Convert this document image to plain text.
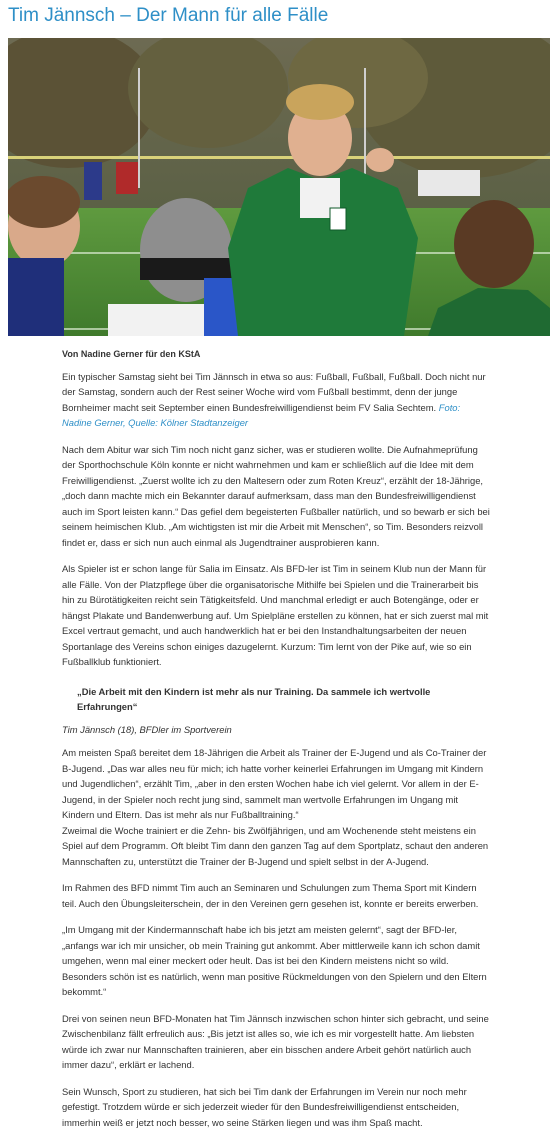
Tim Jännsch – Der Mann für alle Fälle

Von Nadine Gerner für den KStA

Ein typischer Samstag sieht bei Tim Jännsch in etwa so aus: Fußball, Fußball, Fußball. Doch nicht nur der Samstag, sondern auch der Rest seiner Woche wird vom Fußball bestimmt, denn der junge Bornheimer macht seit September einen Bundesfreiwilligendienst beim FV Salia Sechtem. Foto: Nadine Gerner, Quelle: Kölner Stadtanzeiger

Nach dem Abitur war sich Tim noch nicht ganz sicher, was er studieren wollte. Die Aufnahmeprüfung der Sporthochschule Köln konnte er nicht wahrnehmen und kam er schließlich auf die Idee mit dem Freiwilligendienst. „Zuerst wollte ich zu den Maltesern oder zum Roten Kreuz“, erzählt der 18-Jährige, „doch dann machte mich ein Bekannter darauf aufmerksam, dass man den Bundesfreiwilligendienst auch im Sport leisten kann.“ Das gefiel dem begeisterten Fußballer natürlich, und so bewarb er sich bei seinem heimischen Klub. „Am wichtigsten ist mir die Arbeit mit Menschen“, so Tim. Besonders reizvoll findet er, dass er sich nun auch einmal als Jugendtrainer ausprobieren kann.

Als Spieler ist er schon lange für Salia im Einsatz. Als BFD-ler ist Tim in seinem Klub nun der Mann für alle Fälle. Von der Platzpflege über die organisatorische Mithilfe bei Spielen und die Trainerarbeit bis hin zu Bürotätigkeiten reicht sein Tätigkeitsfeld. Und manchmal erledigt er auch Botengänge, oder er hängst Plakate und Bandenwerbung auf. Um Spielpläne erstellen zu können, hat er sich zuerst mal mit Excel vertraut gemacht, und auch handwerklich hat er bei den Instandhaltungsarbeiten der neuen Sportanlage des Vereins schon einiges dazugelernt. Kurzum: Tim lernt von der Pike auf, wie so ein Fußballklub funktioniert.

„Die Arbeit mit den Kindern ist mehr als nur Training. Da sammele ich wertvolle Erfahrungen“

Tim Jännsch (18), BFDler im Sportverein

Am meisten Spaß bereitet dem 18-Jährigen die Arbeit als Trainer der E-Jugend und als Co-Trainer der B-Jugend. „Das war alles neu für mich; ich hatte vorher keinerlei Erfahrungen im Umgang mit Kindern und Jugendlichen“, erzählt Tim, „aber in den ersten Wochen habe ich viel gelernt. Vor allem in der E-Jugend, in der Spieler noch recht jung sind, sammelt man wertvolle Erfahrungen im Ungang mit Kindern und Eltern. Das ist mehr als nur Fußballtraining.“

Zweimal die Woche trainiert er die Zehn- bis Zwölfjährigen, und am Wochenende steht meistens ein Spiel auf dem Programm. Oft bleibt Tim dann den ganzen Tag auf dem Sportplatz, schaut den anderen Mannschaften zu, unterstützt die Trainer der B-Jugend und spielt selbst in der A-Jugend.

Im Rahmen des BFD nimmt Tim auch an Seminaren und Schulungen zum Thema Sport mit Kindern teil. Auch den Übungsleiterschein, der in den Vereinen gern gesehen ist, konnte er bereits erwerben.

„Im Umgang mit der Kindermannschaft habe ich bis jetzt am meisten gelernt“, sagt der BFD-ler, „anfangs war ich mir unsicher, ob mein Training gut ankommt. Aber mittlerweile kann ich schon damit umgehen, wenn mal einer meckert oder heult. Das ist bei den Kindern meistens nicht so wild. Besonders schön ist es natürlich, wenn man positive Rückmeldungen von den Spielern und den Eltern bekommt.“

Drei von seinen neun BFD-Monaten hat Tim Jännsch inzwischen schon hinter sich gebracht, und seine Zwischenbilanz fällt erfreulich aus: „Bis jetzt ist alles so, wie ich es mir vorgestellt hatte. Am liebsten würde ich zwar nur Mannschaften trainieren, aber ein bisschen andere Arbeit gehört natürlich auch immer dazu“, erklärt er lachend.

Sein Wunsch, Sport zu studieren, hat sich bei Tim dank der Erfahrungen im Verein nur noch mehr gefestigt. Trotzdem würde er sich jederzeit wieder für den Bundesfreiwilligendienst entscheiden, immerhin weiß er jetzt noch besser, wo seine Stärken liegen und was ihm Spaß macht.
